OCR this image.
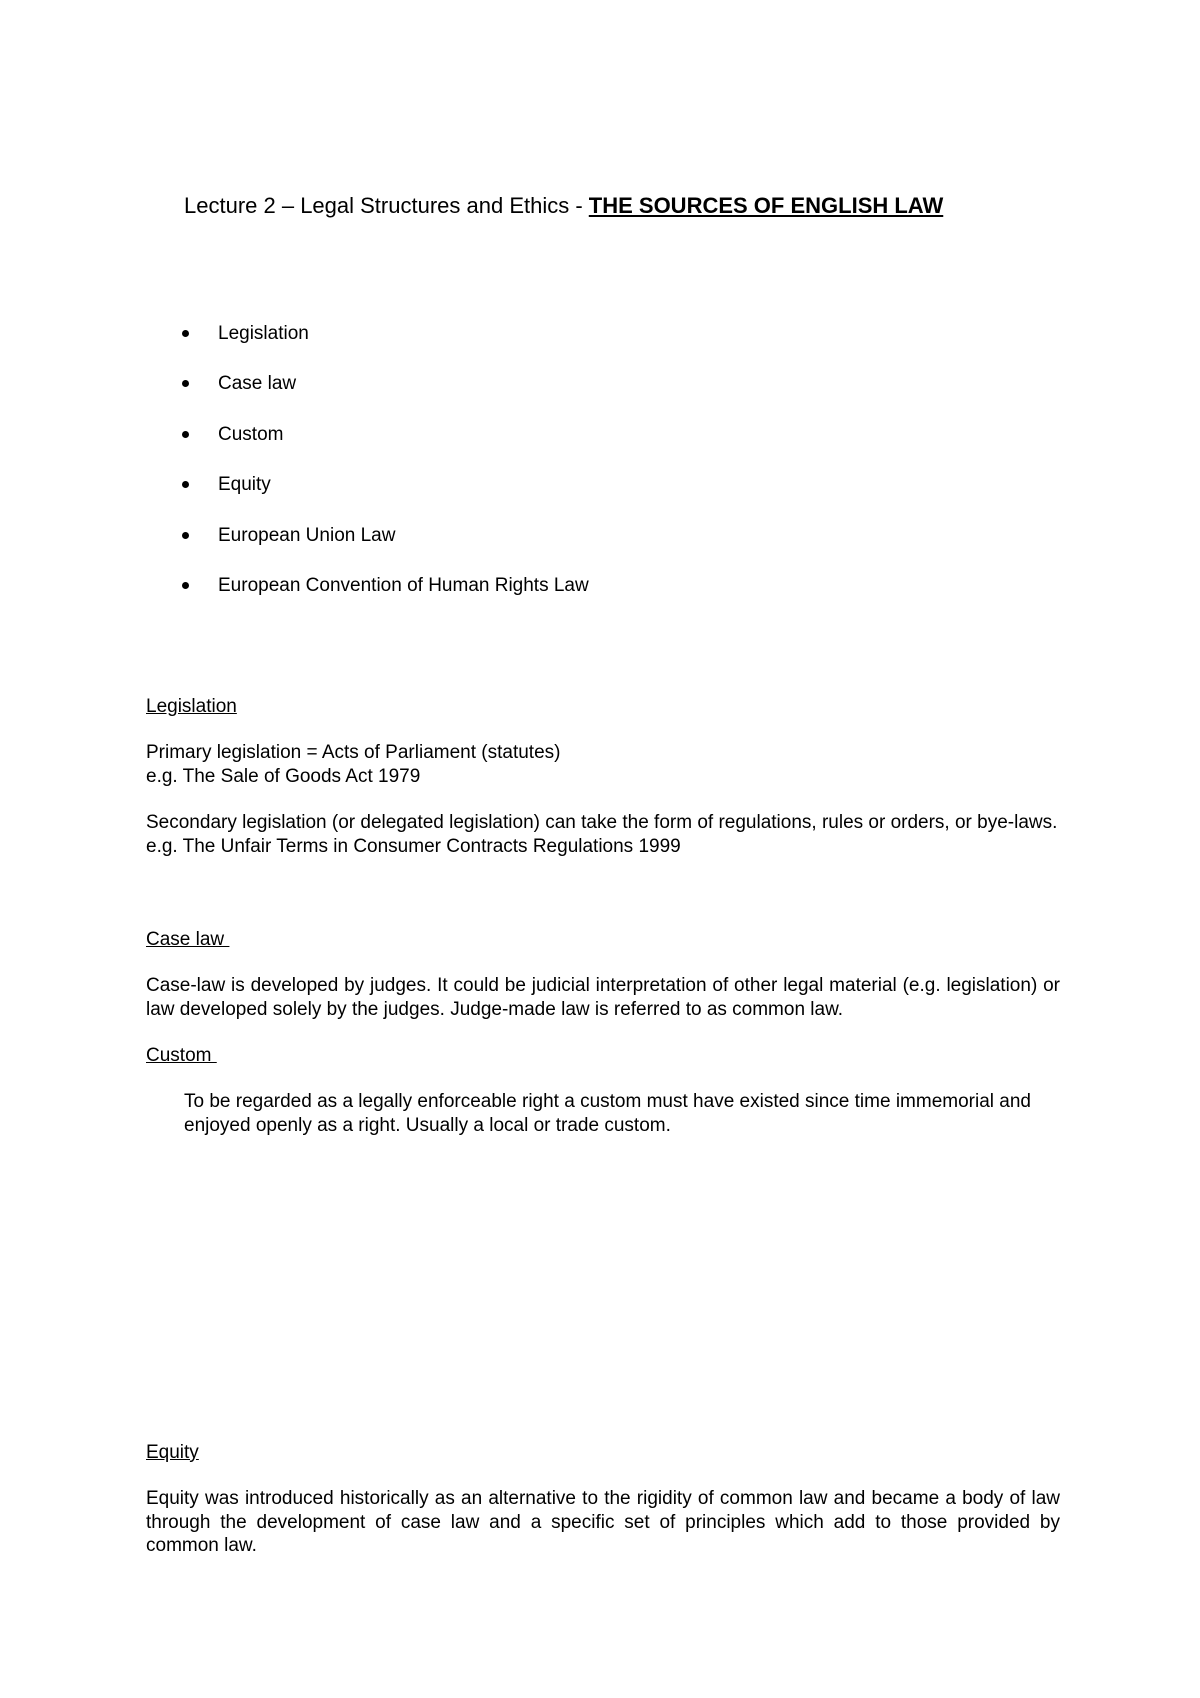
Lecture 2 – Legal Structures and Ethics - THE SOURCES OF ENGLISH LAW
Legislation
Case law
Custom
Equity
European Union Law
European Convention of Human Rights Law
Legislation

Primary legislation = Acts of Parliament (statutes)

e.g. The Sale of Goods Act 1979

Secondary legislation (or delegated legislation) can take the form of regulations, rules or orders, or bye-laws.

e.g. The Unfair Terms in Consumer Contracts Regulations 1999

Case law

Case-law is developed by judges. It could be judicial interpretation of other legal material (e.g. legislation) or law developed solely by the judges. Judge-made law is referred to as common law.

Custom

To be regarded as a legally enforceable right a custom must have existed since time immemorial and enjoyed openly as a right. Usually a local or trade custom.

Equity

Equity was introduced historically as an alternative to the rigidity of common law and became a body of law through the development of case law and a specific set of principles which add to those provided by common law.
